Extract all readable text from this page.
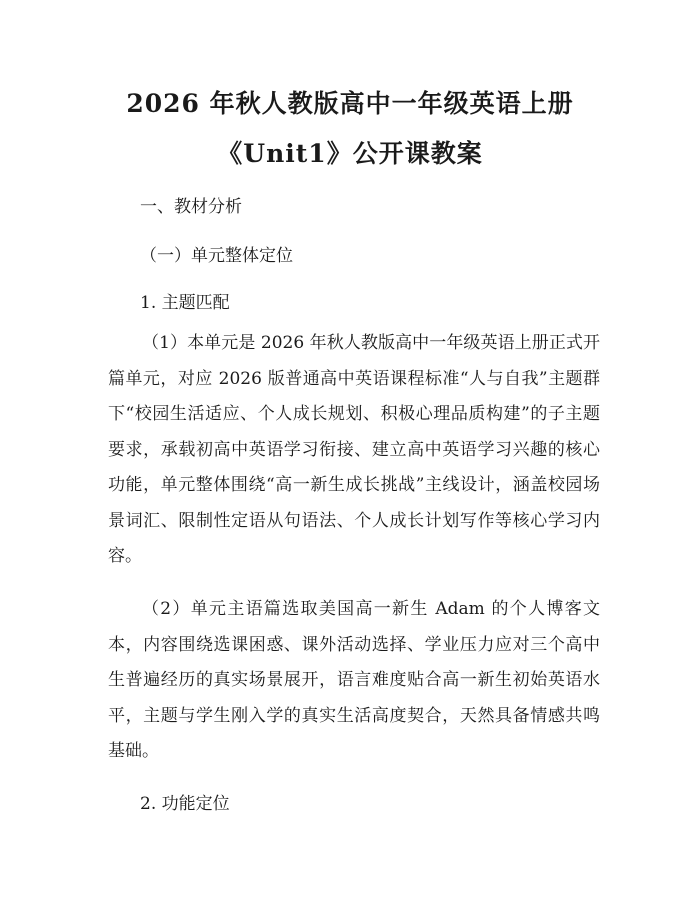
2026 年秋人教版高中一年级英语上册
《Unit1》公开课教案
一、教材分析
（一）单元整体定位
1. 主题匹配
（1）本单元是 2026 年秋人教版高中一年级英语上册正式开篇单元，对应 2026 版普通高中英语课程标准“人与自我”主题群下“校园生活适应、个人成长规划、积极心理品质构建”的子主题要求，承载初高中英语学习衔接、建立高中英语学习兴趣的核心功能，单元整体围绕“高一新生成长挑战”主线设计，涵盖校园场景词汇、限制性定语从句语法、个人成长计划写作等核心学习内容。
（2）单元主语篇选取美国高一新生 Adam 的个人博客文本，内容围绕选课困惑、课外活动选择、学业压力应对三个高中生普遍经历的真实场景展开，语言难度贴合高一新生初始英语水平，主题与学生刚入学的真实生活高度契合，天然具备情感共鸣基础。
2. 功能定位
